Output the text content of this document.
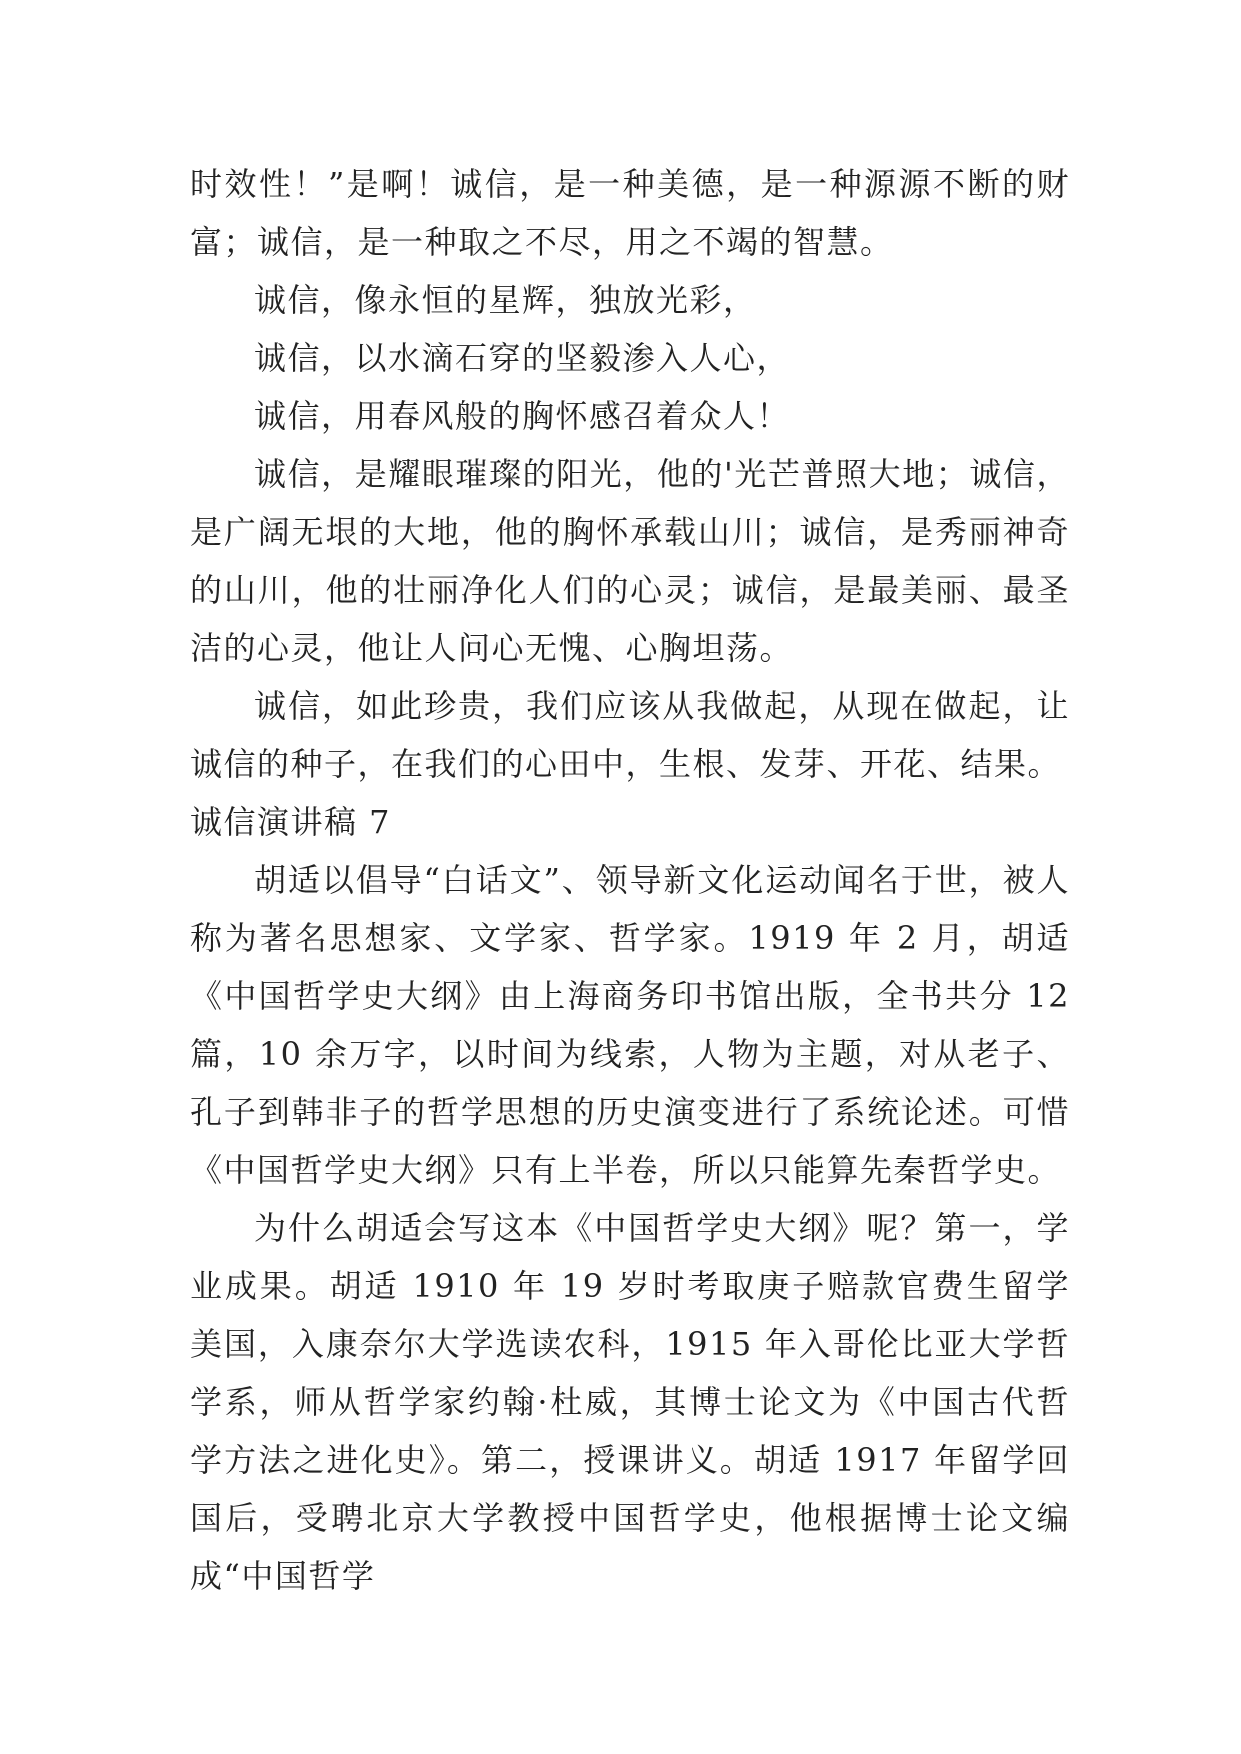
时效性！”是啊！诚信，是一种美德，是一种源源不断的财富；诚信，是一种取之不尽，用之不竭的智慧。

诚信，像永恒的星辉，独放光彩，

诚信，以水滴石穿的坚毅渗入人心，

诚信，用春风般的胸怀感召着众人！

诚信，是耀眼璀璨的阳光，他的'光芒普照大地；诚信，是广阔无垠的大地，他的胸怀承载山川；诚信，是秀丽神奇的山川，他的壮丽净化人们的心灵；诚信，是最美丽、最圣洁的心灵，他让人问心无愧、心胸坦荡。

诚信，如此珍贵，我们应该从我做起，从现在做起，让诚信的种子，在我们的心田中，生根、发芽、开花、结果。

诚信演讲稿 7

胡适以倡导“白话文”、领导新文化运动闻名于世，被人称为著名思想家、文学家、哲学家。1919 年 2 月，胡适《中国哲学史大纲》由上海商务印书馆出版，全书共分 12 篇，10 余万字，以时间为线索，人物为主题，对从老子、孔子到韩非子的哲学思想的历史演变进行了系统论述。可惜《中国哲学史大纲》只有上半卷，所以只能算先秦哲学史。

为什么胡适会写这本《中国哲学史大纲》呢？第一，学业成果。胡适 1910 年 19 岁时考取庚子赔款官费生留学美国，入康奈尔大学选读农科，1915 年入哥伦比亚大学哲学系，师从哲学家约翰·杜威，其博士论文为《中国古代哲学方法之进化史》。第二，授课讲义。胡适 1917 年留学回国后，受聘北京大学教授中国哲学史，他根据博士论文编成“中国哲学
